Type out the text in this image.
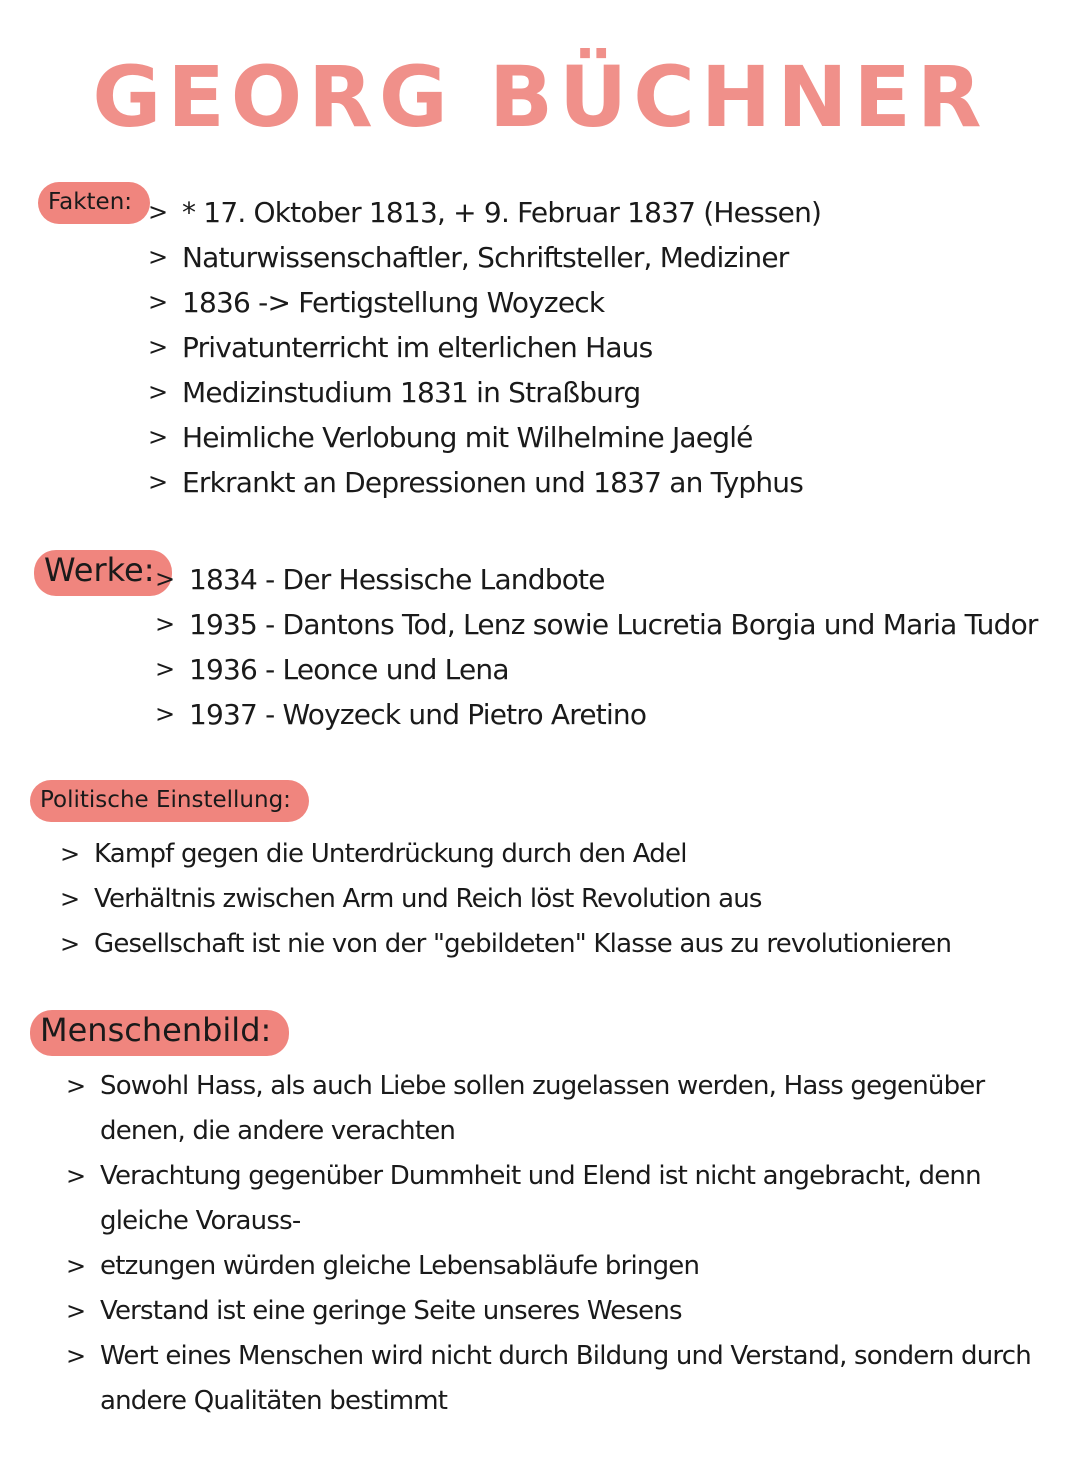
GEORG BÜCHNER
Fakten: > * 17. Oktober 1813, + 9. Februar 1837 (Hessen)
> Naturwissenschaftler, Schriftsteller, Mediziner
> 1836 -> Fertigstellung Woyzeck
> Privatunterricht im elterlichen Haus
> Medizinstudium 1831 in Straßburg
> Heimliche Verlobung mit Wilhelmine Jaeglé
> Erkrankt an Depressionen und 1837 an Typhus
Werke: > 1834 - Der Hessische Landbote
> 1935 - Dantons Tod, Lenz sowie Lucretia Borgia und Maria Tudor
> 1936 - Leonce und Lena
> 1937 - Woyzeck und Pietro Aretino
Politische Einstellung:
> Kampf gegen die Unterdrückung durch den Adel
> Verhältnis zwischen Arm und Reich löst Revolution aus
> Gesellschaft ist nie von der "gebildeten" Klasse aus zu revolutionieren
Menschenbild:
> Sowohl Hass, als auch Liebe sollen zugelassen werden, Hass gegenüber denen, die andere verachten
> Verachtung gegenüber Dummheit und Elend ist nicht angebracht, denn gleiche Vorauss-
> etzungen würden gleiche Lebensabläufe bringen
> Verstand ist eine geringe Seite unseres Wesens
> Wert eines Menschen wird nicht durch Bildung und Verstand, sondern durch andere Qualitäten bestimmt
